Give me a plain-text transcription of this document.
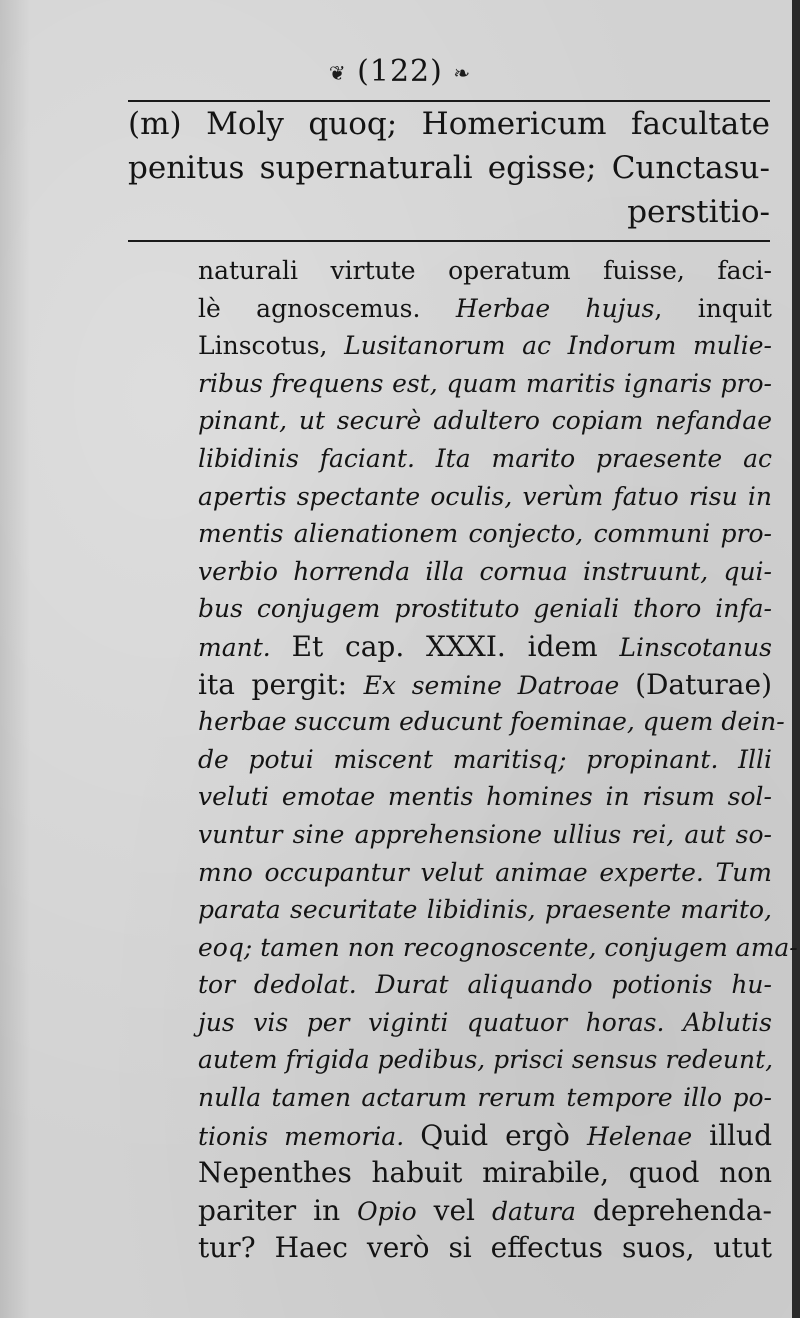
❦ (122) ❧
(m) Moly quoq; Homericum facultate
penitus supernaturali egisse; Cunctasu-
perstitio-
naturali virtute operatum fuisse, faci-
lè agnoscemus. Herbae hujus, inquit
Linscotus, Lusitanorum ac Indorum mulie-
ribus frequens est, quam maritis ignaris pro-
pinant, ut securè adultero copiam nefandae
libidinis faciant. Ita marito praesente ac
apertis spectante oculis, verùm fatuo risu in
mentis alienationem conjecto, communi pro-
verbio horrenda illa cornua instruunt, qui-
bus conjugem prostituto geniali thoro infa-
mant. Et cap. XXXI. idem Linscotanus
ita pergit: Ex semine Datroae (Daturae)
herbae succum educunt foeminae, quem dein-
de potui miscent maritisq; propinant. Illi
veluti emotae mentis homines in risum sol-
vuntur sine apprehensione ullius rei, aut so-
mno occupantur velut animae experte. Tum
parata securitate libidinis, praesente marito,
eoq; tamen non recognoscente, conjugem ama-
tor dedolat. Durat aliquando potionis hu-
jus vis per viginti quatuor horas. Ablutis
autem frigida pedibus, prisci sensus redeunt,
nulla tamen actarum rerum tempore illo po-
tionis memoria. Quid ergò Helenae illud
Nepenthes habuit mirabile, quod non
pariter in Opio vel datura deprehenda-
tur? Haec verò si effectus suos, utut
